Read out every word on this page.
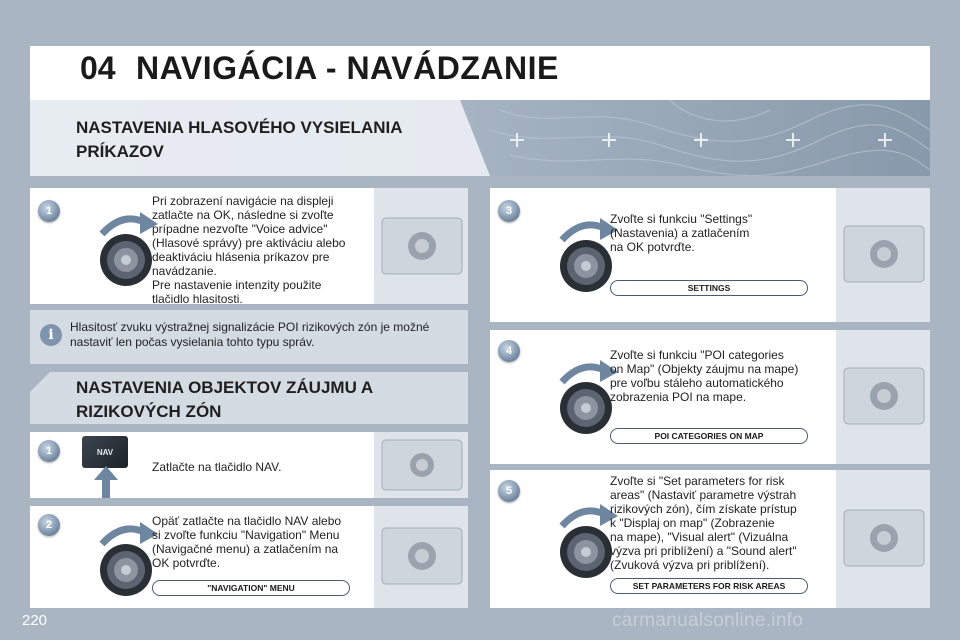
04 NAVIGÁCIA - NAVÁDZANIE
NASTAVENIA HLASOVÉHO VYSIELANIA
PRÍKAZOV
1
Pri zobrazení navigácie na displeji
zatlačte na OK, následne si zvoľte
prípadne nezvoľte "Voice advice"
(Hlasové správy) pre aktiváciu alebo
deaktiváciu hlásenia príkazov pre
navádzanie.
Pre nastavenie intenzity použite
tlačidlo hlasitosti.
i	Hlasitosť zvuku výstražnej signalizácie POI rizikových zón je možné nastaviť len počas vysielania tohto typu správ.
NASTAVENIA OBJEKTOV ZÁUJMU A
RIZIKOVÝCH ZÓN
1	NAV
Zatlačte na tlačidlo NAV.
2	Opäť zatlačte na tlačidlo NAV alebo
si zvoľte funkciu "Navigation" Menu
(Navigačné menu) a zatlačením na
OK potvrďte.
"NAVIGATION" MENU
3
Zvoľte si funkciu "Settings"
(Nastavenia) a zatlačením
na OK potvrďte.
SETTINGS
4	Zvoľte si funkciu "POI categories
on Map" (Objekty záujmu na mape)
pre voľbu stáleho automatického
zobrazenia POI na mape.
POI CATEGORIES ON MAP
5
Zvoľte si "Set parameters for risk
areas" (Nastaviť parametre výstrah
rizikových zón), čím získate prístup
k "Displaj on map" (Zobrazenie
na mape), "Visual alert" (Vizuálna
výzva pri priblížení) a "Sound alert"
(Zvuková výzva pri priblížení).
SET PARAMETERS FOR RISK AREAS
220	carmanualsonline.info
